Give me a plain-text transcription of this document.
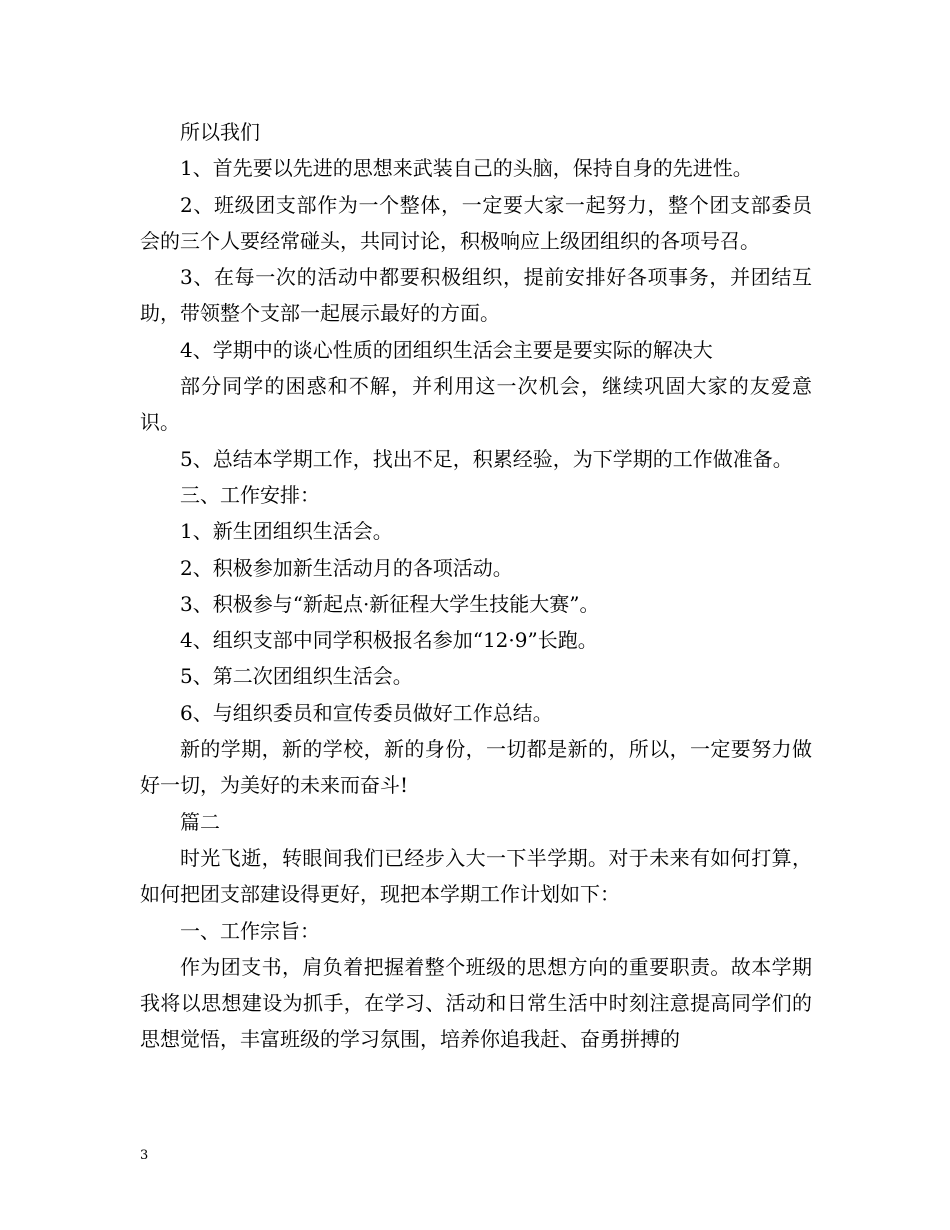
所以我们

1、首先要以先进的思想来武装自己的头脑，保持自身的先进性。

2、班级团支部作为一个整体，一定要大家一起努力，整个团支部委员会的三个人要经常碰头，共同讨论，积极响应上级团组织的各项号召。

3、在每一次的活动中都要积极组织，提前安排好各项事务，并团结互助，带领整个支部一起展示最好的方面。

4、学期中的谈心性质的团组织生活会主要是要实际的解决大

部分同学的困惑和不解，并利用这一次机会，继续巩固大家的友爱意识。

5、总结本学期工作，找出不足，积累经验，为下学期的工作做准备。

三、工作安排：

1、新生团组织生活会。

2、积极参加新生活动月的各项活动。

3、积极参与“新起点·新征程大学生技能大赛”。

4、组织支部中同学积极报名参加“12·9”长跑。

5、第二次团组织生活会。

6、与组织委员和宣传委员做好工作总结。

新的学期，新的学校，新的身份，一切都是新的，所以，一定要努力做好一切，为美好的未来而奋斗!

篇二

时光飞逝，转眼间我们已经步入大一下半学期。对于未来有如何打算，如何把团支部建设得更好，现把本学期工作计划如下：

一、工作宗旨：

作为团支书，肩负着把握着整个班级的思想方向的重要职责。故本学期我将以思想建设为抓手，在学习、活动和日常生活中时刻注意提高同学们的思想觉悟，丰富班级的学习氛围，培养你追我赶、奋勇拼搏的

3
